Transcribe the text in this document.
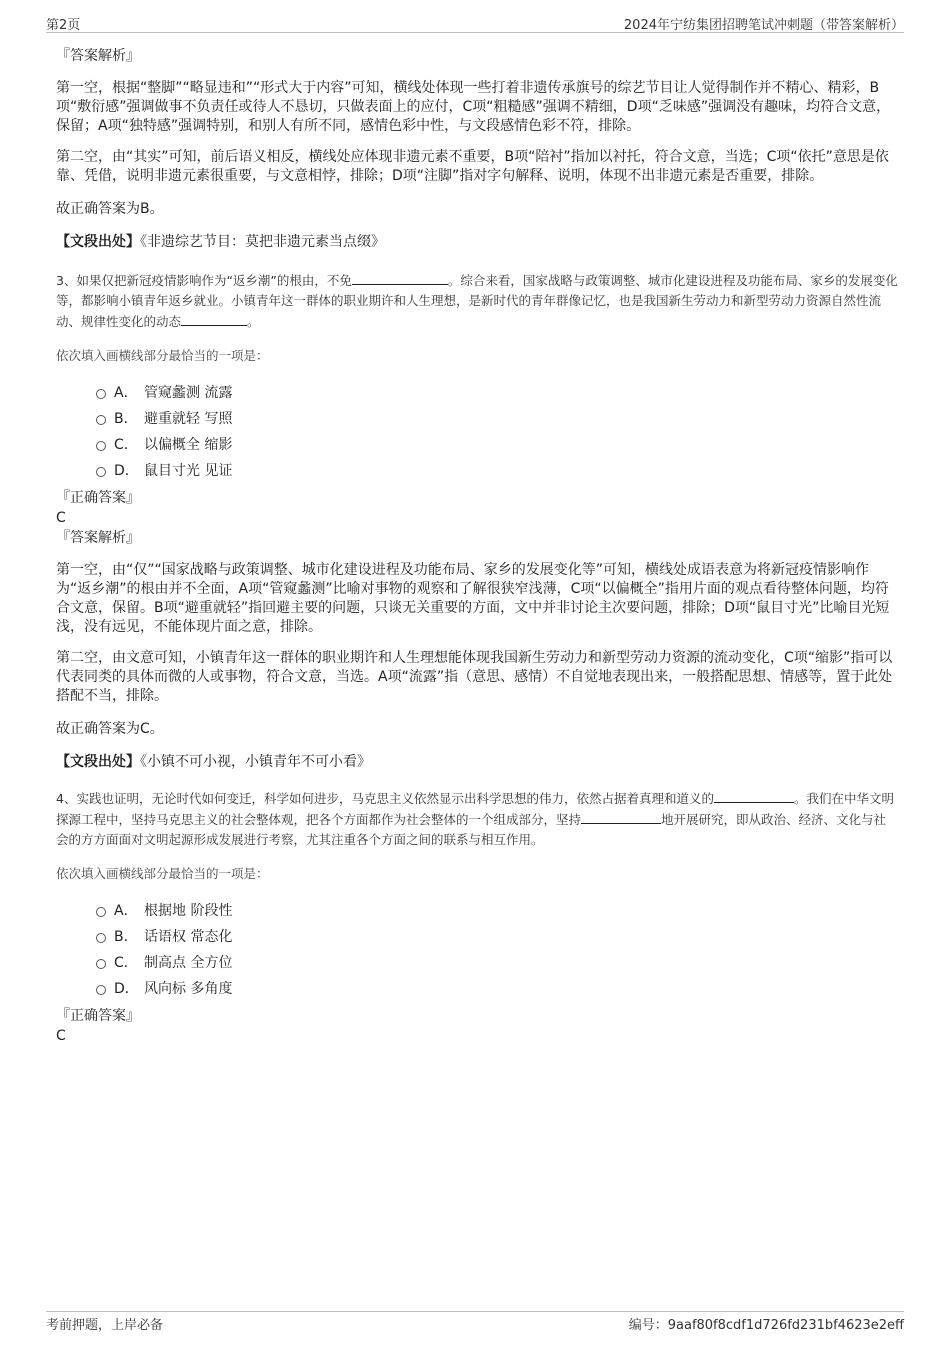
第2页	2024年宁纺集团招聘笔试冲刺题（带答案解析）

『答案解析』

第一空，根据“整脚”“略显违和”“形式大于内容”可知，横线处体现一些打着非遗传承旗号的综艺节目让人觉得制作并不精心、精彩，B项“敷衍感”强调做事不负责任或待人不恳切，只做表面上的应付，C项“粗糙感”强调不精细，D项“乏味感”强调没有趣味，均符合文意，保留；A项“独特感”强调特别，和别人有所不同，感情色彩中性，与文段感情色彩不符，排除。

第二空，由“其实”可知，前后语义相反，横线处应体现非遗元素不重要，B项“陪衬”指加以衬托，符合文意，当选；C项“依托”意思是依靠、凭借，说明非遗元素很重要，与文意相悖，排除；D项“注脚”指对字句解释、说明，体现不出非遗元素是否重要，排除。

故正确答案为B。

【文段出处】《非遗综艺节目：莫把非遗元素当点缀》

3、如果仅把新冠疫情影响作为“返乡潮”的根由，不免	。综合来看，国家战略与政策调整、城市化建设进程及功能布局、家乡的发展变化等，都影响小镇青年返乡就业。小镇青年这一群体的职业期许和人生理想，是新时代的青年群像记忆，也是我国新生劳动力和新型劳动力资源自然性流动、规律性变化的动态	。

依次填入画横线部分最恰当的一项是：

A． 管窥蠡测 流露
B． 避重就轻 写照
C． 以偏概全 缩影
D． 鼠目寸光 见证

『正确答案』

C

『答案解析』

第一空，由“仅”“国家战略与政策调整、城市化建设进程及功能布局、家乡的发展变化等”可知，横线处成语表意为将新冠疫情影响作为“返乡潮”的根由并不全面，A项“管窥蠡测”比喻对事物的观察和了解很狭窄浅薄，C项“以偏概全”指用片面的观点看待整体问题，均符合文意，保留。B项“避重就轻”指回避主要的问题，只谈无关重要的方面，文中并非讨论主次要问题，排除；D项“鼠目寸光”比喻目光短浅，没有远见，不能体现片面之意，排除。

第二空，由文意可知，小镇青年这一群体的职业期许和人生理想能体现我国新生劳动力和新型劳动力资源的流动变化，C项“缩影”指可以代表同类的具体而微的人或事物，符合文意，当选。A项“流露”指（意思、感情）不自觉地表现出来，一般搭配思想、情感等，置于此处搭配不当，排除。

故正确答案为C。

【文段出处】《小镇不可小视，小镇青年不可小看》

4、实践也证明，无论时代如何变迁，科学如何进步，马克思主义依然显示出科学思想的伟力，依然占据着真理和道义的	。我们在中华文明探源工程中，坚持马克思主义的社会整体观，把各个方面都作为社会整体的一个组成部分，坚持	地开展研究，即从政治、经济、文化与社会的方方面面对文明起源形成发展进行考察，尤其注重各个方面之间的联系与相互作用。

依次填入画横线部分最恰当的一项是：

A． 根据地 阶段性
B． 话语权 常态化
C． 制高点 全方位
D． 风向标 多角度

『正确答案』

C

考前押题，上岸必备	编号：9aaf80f8cdf1d726fd231bf4623e2eff
